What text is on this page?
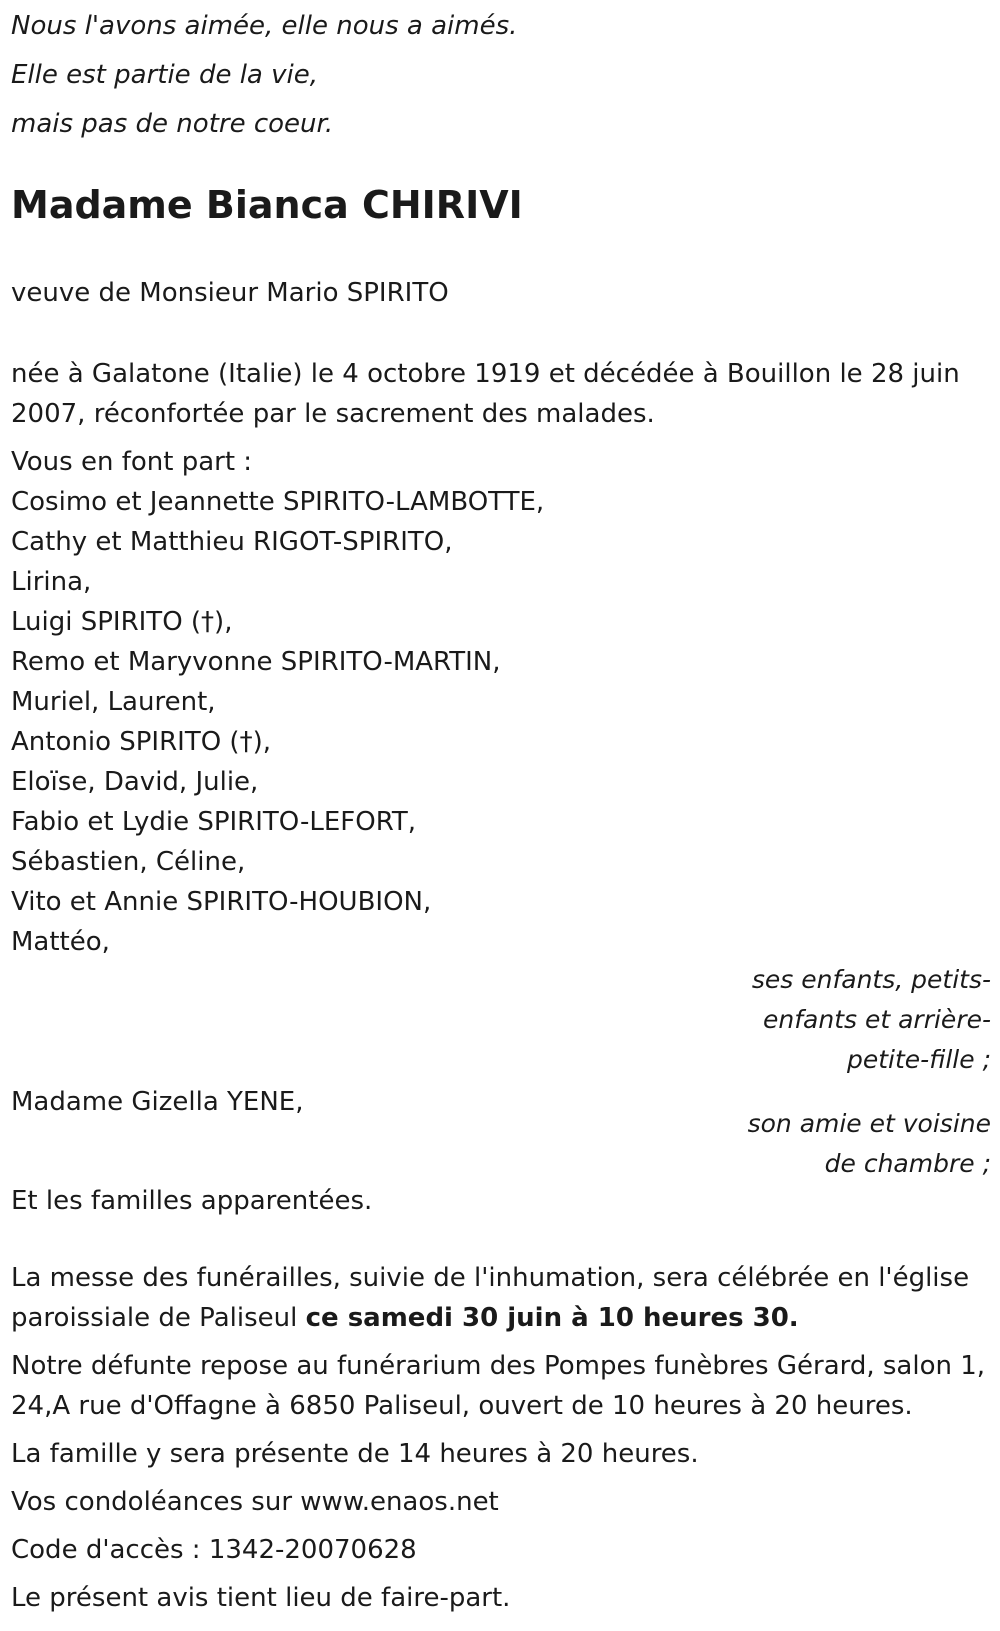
Nous l'avons aimée, elle nous a aimés.
Elle est partie de la vie,
mais pas de notre coeur.
Madame Bianca CHIRIVI
veuve de Monsieur Mario SPIRITO
née à Galatone (Italie) le 4 octobre 1919 et décédée à Bouillon le 28 juin 2007, réconfortée par le sacrement des malades.
Vous en font part :
Cosimo et Jeannette SPIRITO-LAMBOTTE,
Cathy et Matthieu RIGOT-SPIRITO,
Lirina,
Luigi SPIRITO (†),
Remo et Maryvonne SPIRITO-MARTIN,
Muriel, Laurent,
Antonio SPIRITO (†),
Eloïse, David, Julie,
Fabio et Lydie SPIRITO-LEFORT,
Sébastien, Céline,
Vito et Annie SPIRITO-HOUBION,
Mattéo,
ses enfants, petits-
enfants et arrière-
petite-fille ;
Madame Gizella YENE,
son amie et voisine
de chambre ;
Et les familles apparentées.
La messe des funérailles, suivie de l'inhumation, sera célébrée en l'église paroissiale de Paliseul ce samedi 30 juin à 10 heures 30.
Notre défunte repose au funérarium des Pompes funèbres Gérard, salon 1, 24,A rue d'Offagne à 6850 Paliseul, ouvert de 10 heures à 20 heures.
La famille y sera présente de 14 heures à 20 heures.
Vos condoléances sur www.enaos.net
Code d'accès : 1342-20070628
Le présent avis tient lieu de faire-part.
